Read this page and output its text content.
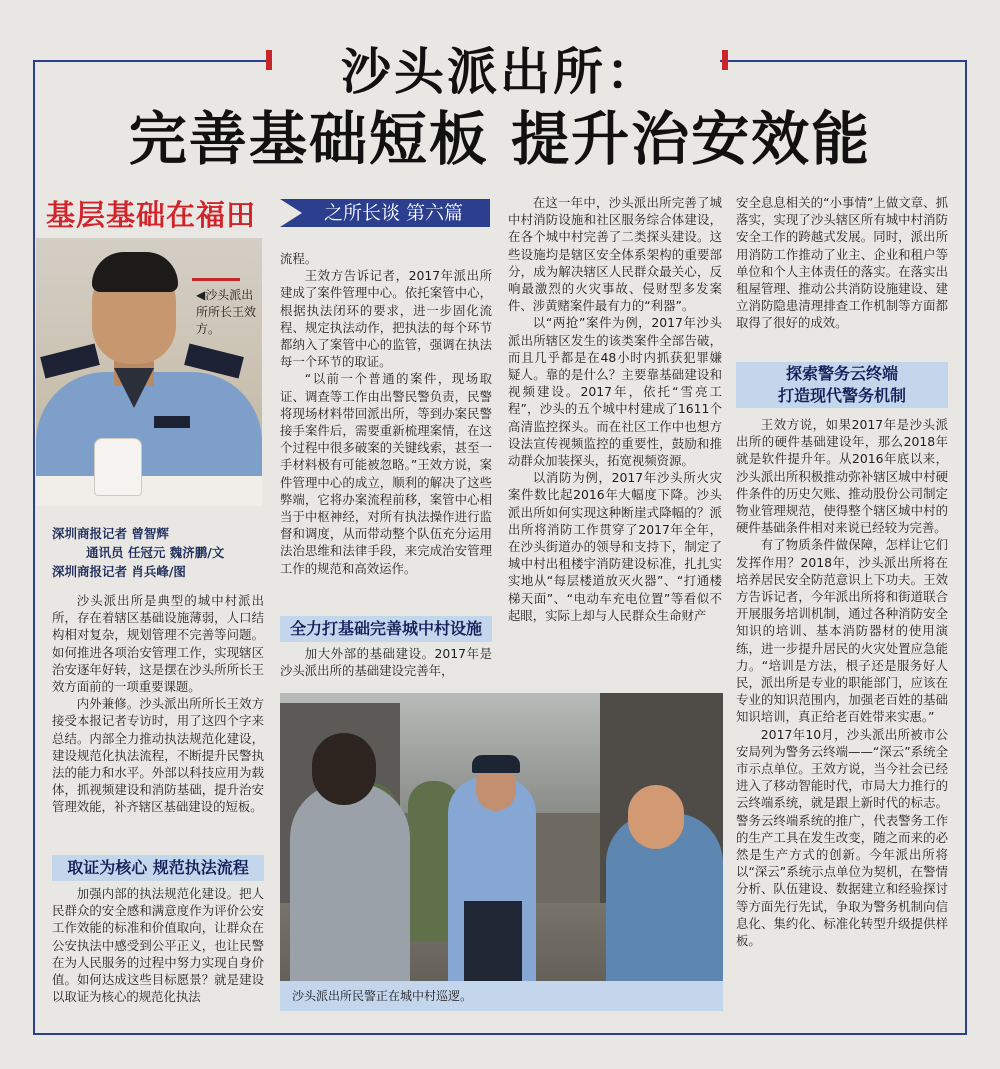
沙头派出所：
完善基础短板 提升治安效能
基层基础在福田	之所长谈 第六篇
◀沙头派出所所长王效方。
深圳商报记者 曾智辉
通讯员 任冠元 魏济鹏/文
深圳商报记者 肖兵峰/图

沙头派出所是典型的城中村派出所，存在着辖区基础设施薄弱，人口结构相对复杂，规划管理不完善等问题。如何推进各项治安管理工作，实现辖区治安逐年好转，这是摆在沙头所所长王效方面前的一项重要课题。

内外兼修。沙头派出所所长王效方接受本报记者专访时，用了这四个字来总结。内部全力推动执法规范化建设，建设规范化执法流程，不断提升民警执法的能力和水平。外部以科技应用为载体，抓视频建设和消防基础，提升治安管理效能，补齐辖区基础建设的短板。

取证为核心 规范执法流程

加强内部的执法规范化建设。把人民群众的安全感和满意度作为评价公安工作效能的标准和价值取向，让群众在公安执法中感受到公平正义，也让民警在为人民服务的过程中努力实现自身价值。如何达成这些目标愿景？就是建设以取证为核心的规范化执法

流程。

王效方告诉记者，2017年派出所建成了案件管理中心。依托案管中心，根据执法闭环的要求，进一步固化流程、规定执法动作，把执法的每个环节都纳入了案管中心的监管，强调在执法每一个环节的取证。

“以前一个普通的案件，现场取证、调查等工作由出警民警负责，民警将现场材料带回派出所，等到办案民警接手案件后，需要重新梳理案情，在这个过程中很多破案的关键线索，甚至一手材料极有可能被忽略。”王效方说，案件管理中心的成立，顺利的解决了这些弊端，它将办案流程前移，案管中心相当于中枢神经，对所有执法操作进行监督和调度，从而带动整个队伍充分运用法治思维和法律手段，来完成治安管理工作的规范和高效运作。

全力打基础完善城中村设施

加大外部的基础建设。2017年是沙头派出所的基础建设完善年，

在这一年中，沙头派出所完善了城中村消防设施和社区服务综合体建设，在各个城中村完善了二类探头建设。这些设施均是辖区安全体系架构的重要部分，成为解决辖区人民群众最关心，反响最激烈的火灾事故、侵财型多发案件、涉黄赌案件最有力的“利器”。

以“两抢”案件为例，2017年沙头派出所辖区发生的该类案件全部告破，而且几乎都是在48小时内抓获犯罪嫌疑人。靠的是什么？主要靠基础建设和视频建设。2017年，依托“雪亮工程”，沙头的五个城中村建成了1611个高清监控探头。而在社区工作中也想方设法宣传视频监控的重要性，鼓励和推动群众加装探头，拓宽视频资源。

以消防为例，2017年沙头所火灾案件数比起2016年大幅度下降。沙头派出所如何实现这种断崖式降幅的？派出所将消防工作贯穿了2017年全年，在沙头街道办的领导和支持下，制定了城中村出租楼宇消防建设标准，扎扎实实地从“每层楼道放灭火器”、“打通楼梯天面”、“电动车充电位置”等看似不起眼，实际上却与人民群众生命财产

安全息息相关的“小事情”上做文章、抓落实，实现了沙头辖区所有城中村消防安全工作的跨越式发展。同时，派出所用消防工作推动了业主、企业和租户等单位和个人主体责任的落实。在落实出租屋管理、推动公共消防设施建设、建立消防隐患清理排查工作机制等方面都取得了很好的成效。

探索警务云终端
打造现代警务机制

王效方说，如果2017年是沙头派出所的硬件基础建设年，那么2018年就是软件提升年。从2016年底以来，沙头派出所积极推动弥补辖区城中村硬件条件的历史欠账、推动股份公司制定物业管理规范，使得整个辖区城中村的硬件基础条件相对来说已经较为完善。

有了物质条件做保障，怎样让它们发挥作用？2018年，沙头派出所将在培养居民安全防范意识上下功夫。王效方告诉记者，今年派出所将和街道联合开展服务培训机制，通过各种消防安全知识的培训、基本消防器材的使用演练，进一步提升居民的火灾处置应急能力。“培训是方法，根子还是服务好人民，派出所是专业的职能部门，应该在专业的知识范围内，加强老百姓的基础知识培训，真正给老百姓带来实惠。”

2017年10月，沙头派出所被市公安局列为警务云终端——“深云”系统全市示点单位。王效方说，当今社会已经进入了移动智能时代，市局大力推行的云终端系统，就是跟上新时代的标志。警务云终端系统的推广，代表警务工作的生产工具在发生改变，随之而来的必然是生产方式的创新。今年派出所将以“深云”系统示点单位为契机，在警情分析、队伍建设、数据建立和经验探讨等方面先行先试，争取为警务机制向信息化、集约化、标准化转型升级提供样板。

沙头派出所民警正在城中村巡逻。
